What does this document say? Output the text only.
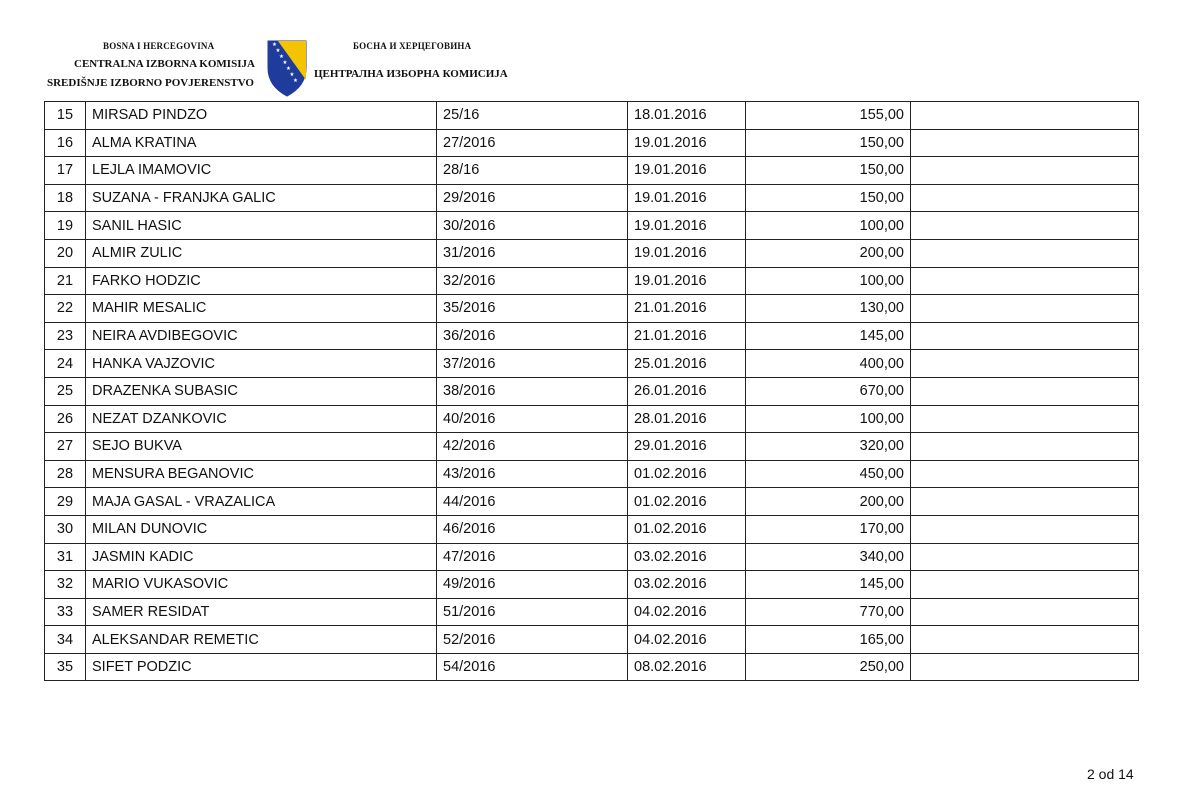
BOSNA I HERCEGOVINA
CENTRALNA IZBORNA KOMISIJA
SREDIŠNJE IZBORNO POVJERENSTVO
★
★
★
★
★
★
★
БОСНА И ХЕРЦЕГОВИНА
ЦЕНТРАЛНА ИЗБОРНА КОМИСИЈА
15	MIRSAD PINDZO	25/16	18.01.2016	155,00	
16	ALMA KRATINA	27/2016	19.01.2016	150,00	
17	LEJLA IMAMOVIC	28/16	19.01.2016	150,00	
18	SUZANA - FRANJKA GALIC	29/2016	19.01.2016	150,00	
19	SANIL HASIC	30/2016	19.01.2016	100,00	
20	ALMIR ZULIC	31/2016	19.01.2016	200,00	
21	FARKO HODZIC	32/2016	19.01.2016	100,00	
22	MAHIR MESALIC	35/2016	21.01.2016	130,00	
23	NEIRA AVDIBEGOVIC	36/2016	21.01.2016	145,00	
24	HANKA VAJZOVIC	37/2016	25.01.2016	400,00	
25	DRAZENKA SUBASIC	38/2016	26.01.2016	670,00	
26	NEZAT DZANKOVIC	40/2016	28.01.2016	100,00	
27	SEJO BUKVA	42/2016	29.01.2016	320,00	
28	MENSURA BEGANOVIC	43/2016	01.02.2016	450,00	
29	MAJA GASAL - VRAZALICA	44/2016	01.02.2016	200,00	
30	MILAN DUNOVIC	46/2016	01.02.2016	170,00	
31	JASMIN KADIC	47/2016	03.02.2016	340,00	
32	MARIO VUKASOVIC	49/2016	03.02.2016	145,00	
33	SAMER RESIDAT	51/2016	04.02.2016	770,00	
34	ALEKSANDAR REMETIC	52/2016	04.02.2016	165,00	
35	SIFET PODZIC	54/2016	08.02.2016	250,00	
2 od 14
